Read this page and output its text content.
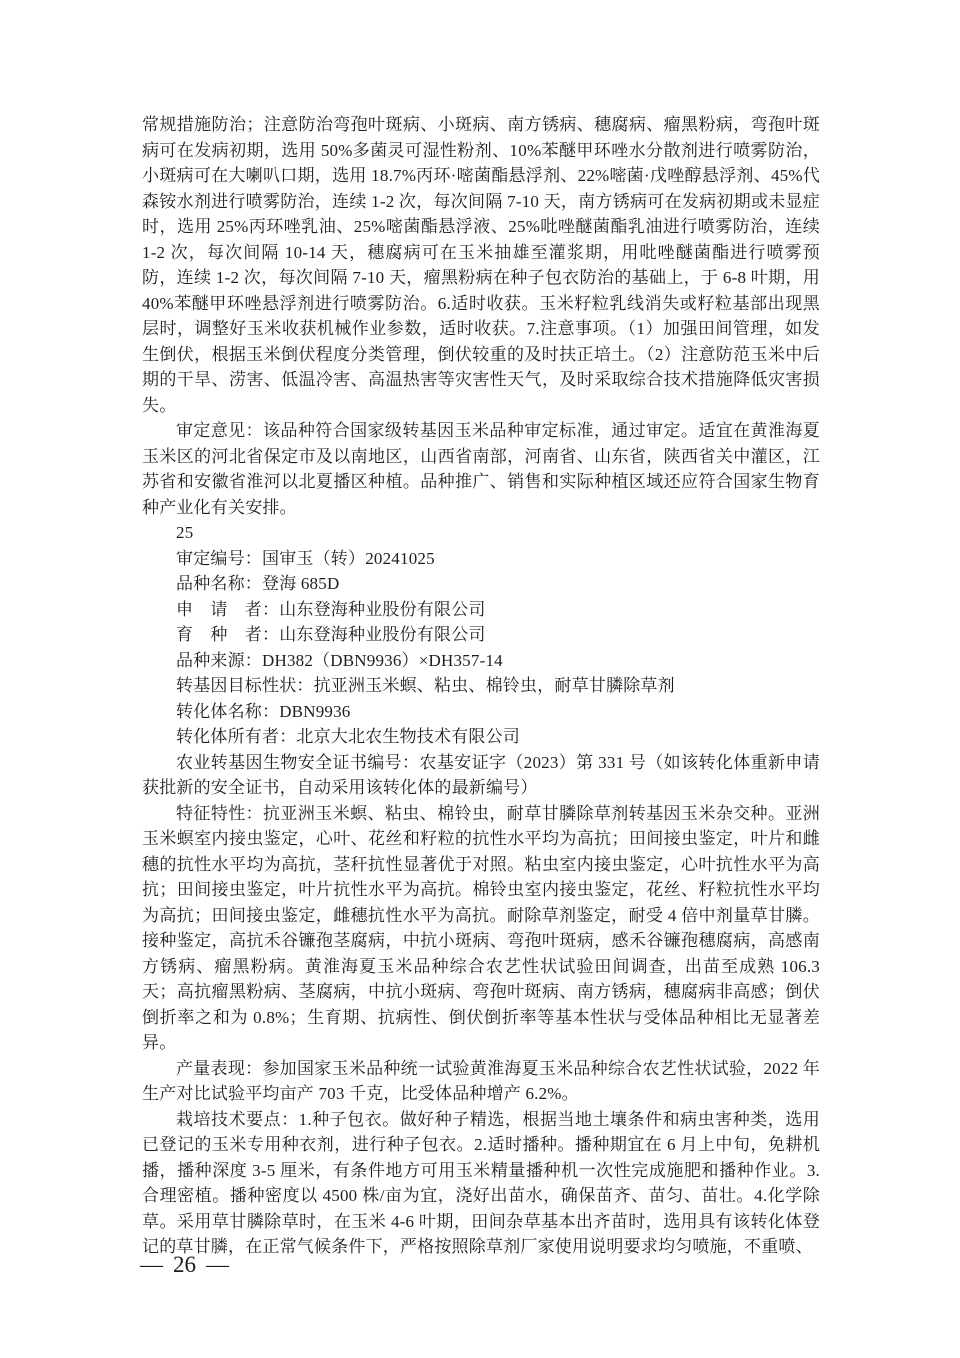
常规措施防治；注意防治弯孢叶斑病、小斑病、南方锈病、穗腐病、瘤黑粉病，弯孢叶斑病可在发病初期，选用 50%多菌灵可湿性粉剂、10%苯醚甲环唑水分散剂进行喷雾防治，小斑病可在大喇叭口期，选用 18.7%丙环·嘧菌酯悬浮剂、22%嘧菌·戊唑醇悬浮剂、45%代森铵水剂进行喷雾防治，连续 1-2 次，每次间隔 7-10 天，南方锈病可在发病初期或未显症时，选用 25%丙环唑乳油、25%嘧菌酯悬浮液、25%吡唑醚菌酯乳油进行喷雾防治，连续 1-2 次，每次间隔 10-14 天，穗腐病可在玉米抽雄至灌浆期，用吡唑醚菌酯进行喷雾预防，连续 1-2 次，每次间隔 7-10 天，瘤黑粉病在种子包衣防治的基础上，于 6-8 叶期，用 40%苯醚甲环唑悬浮剂进行喷雾防治。6.适时收获。玉米籽粒乳线消失或籽粒基部出现黑层时，调整好玉米收获机械作业参数，适时收获。7.注意事项。（1）加强田间管理，如发生倒伏，根据玉米倒伏程度分类管理，倒伏较重的及时扶正培土。（2）注意防范玉米中后期的干旱、涝害、低温冷害、高温热害等灾害性天气，及时采取综合技术措施降低灾害损失。

审定意见：该品种符合国家级转基因玉米品种审定标准，通过审定。适宜在黄淮海夏玉米区的河北省保定市及以南地区，山西省南部，河南省、山东省，陕西省关中灌区，江苏省和安徽省淮河以北夏播区种植。品种推广、销售和实际种植区域还应符合国家生物育种产业化有关安排。

25

审定编号：国审玉（转）20241025

品种名称：登海 685D

申　请　者：山东登海种业股份有限公司

育　种　者：山东登海种业股份有限公司

品种来源：DH382（DBN9936）×DH357-14

转基因目标性状：抗亚洲玉米螟、粘虫、棉铃虫，耐草甘膦除草剂

转化体名称：DBN9936

转化体所有者：北京大北农生物技术有限公司

农业转基因生物安全证书编号：农基安证字（2023）第 331 号（如该转化体重新申请获批新的安全证书，自动采用该转化体的最新编号）

特征特性：抗亚洲玉米螟、粘虫、棉铃虫，耐草甘膦除草剂转基因玉米杂交种。亚洲玉米螟室内接虫鉴定，心叶、花丝和籽粒的抗性水平均为高抗；田间接虫鉴定，叶片和雌穗的抗性水平均为高抗，茎秆抗性显著优于对照。粘虫室内接虫鉴定，心叶抗性水平为高抗；田间接虫鉴定，叶片抗性水平为高抗。棉铃虫室内接虫鉴定，花丝、籽粒抗性水平均为高抗；田间接虫鉴定，雌穗抗性水平为高抗。耐除草剂鉴定，耐受 4 倍中剂量草甘膦。接种鉴定，高抗禾谷镰孢茎腐病，中抗小斑病、弯孢叶斑病，感禾谷镰孢穗腐病，高感南方锈病、瘤黑粉病。黄淮海夏玉米品种综合农艺性状试验田间调查，出苗至成熟 106.3 天；高抗瘤黑粉病、茎腐病，中抗小斑病、弯孢叶斑病、南方锈病，穗腐病非高感；倒伏倒折率之和为 0.8%；生育期、抗病性、倒伏倒折率等基本性状与受体品种相比无显著差异。

产量表现：参加国家玉米品种统一试验黄淮海夏玉米品种综合农艺性状试验，2022 年生产对比试验平均亩产 703 千克，比受体品种增产 6.2%。

栽培技术要点：1.种子包衣。做好种子精选，根据当地土壤条件和病虫害种类，选用已登记的玉米专用种衣剂，进行种子包衣。2.适时播种。播种期宜在 6 月上中旬，免耕机播，播种深度 3-5 厘米，有条件地方可用玉米精量播种机一次性完成施肥和播种作业。3.合理密植。播种密度以 4500 株/亩为宜，浇好出苗水，确保苗齐、苗匀、苗壮。4.化学除草。采用草甘膦除草时，在玉米 4-6 叶期，田间杂草基本出齐苗时，选用具有该转化体登记的草甘膦，在正常气候条件下，严格按照除草剂厂家使用说明要求均匀喷施，不重喷、

— 26 —
